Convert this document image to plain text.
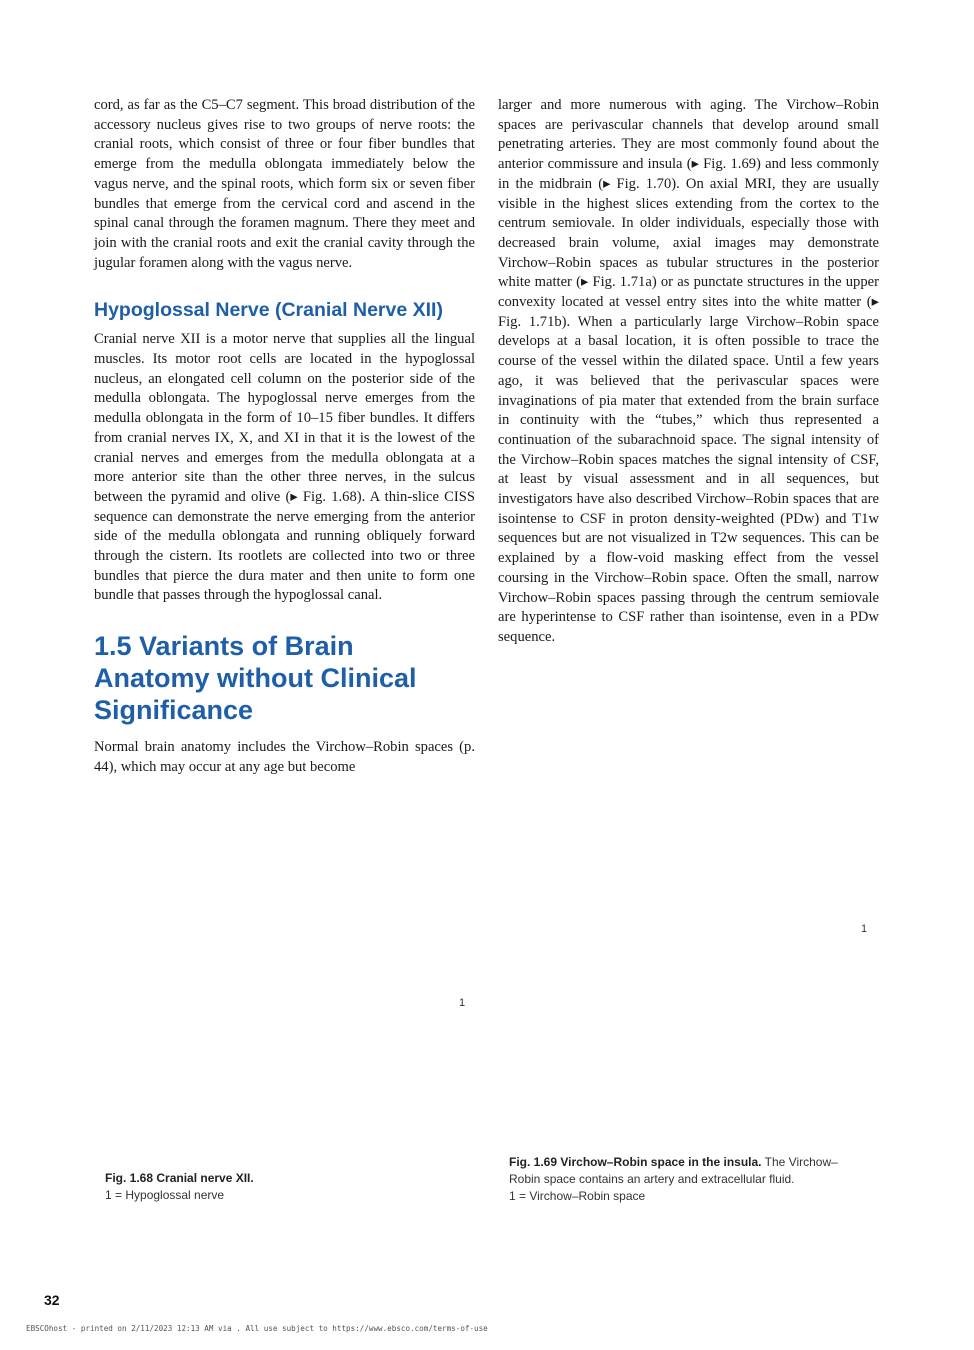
cord, as far as the C5–C7 segment. This broad distribution of the accessory nucleus gives rise to two groups of nerve roots: the cranial roots, which consist of three or four fiber bundles that emerge from the medulla oblongata immediately below the vagus nerve, and the spinal roots, which form six or seven fiber bundles that emerge from the cervical cord and ascend in the spinal canal through the foramen magnum. There they meet and join with the cranial roots and exit the cranial cavity through the jugular foramen along with the vagus nerve.

Hypoglossal Nerve (Cranial Nerve XII)

Cranial nerve XII is a motor nerve that supplies all the lingual muscles. Its motor root cells are located in the hypoglossal nucleus, an elongated cell column on the posterior side of the medulla oblongata. The hypoglossal nerve emerges from the medulla oblongata in the form of 10–15 fiber bundles. It differs from cranial nerves IX, X, and XI in that it is the lowest of the cranial nerves and emerges from the medulla oblongata at a more anterior site than the other three nerves, in the sulcus between the pyramid and olive (▸ Fig. 1.68). A thin-slice CISS sequence can demonstrate the nerve emerging from the anterior side of the medulla oblongata and running obliquely forward through the cistern. Its rootlets are collected into two or three bundles that pierce the dura mater and then unite to form one bundle that passes through the hypoglossal canal.

1.5 Variants of Brain Anatomy without Clinical Significance

Normal brain anatomy includes the Virchow–Robin spaces (p. 44), which may occur at any age but become

larger and more numerous with aging. The Virchow–Robin spaces are perivascular channels that develop around small penetrating arteries. They are most commonly found about the anterior commissure and insula (▸ Fig. 1.69) and less commonly in the midbrain (▸ Fig. 1.70). On axial MRI, they are usually visible in the highest slices extending from the cortex to the centrum semiovale. In older individuals, especially those with decreased brain volume, axial images may demonstrate Virchow–Robin spaces as tubular structures in the posterior white matter (▸ Fig. 1.71a) or as punctate structures in the upper convexity located at vessel entry sites into the white matter (▸ Fig. 1.71b). When a particularly large Virchow–Robin space develops at a basal location, it is often possible to trace the course of the vessel within the dilated space. Until a few years ago, it was believed that the perivascular spaces were invaginations of pia mater that extended from the brain surface in continuity with the “tubes,” which thus represented a continuation of the subarachnoid space. The signal intensity of the Virchow–Robin spaces matches the signal intensity of CSF, at least by visual assessment and in all sequences, but investigators have also described Virchow–Robin spaces that are isointense to CSF in proton density-weighted (PDw) and T1w sequences but are not visualized in T2w sequences. This can be explained by a flow-void masking effect from the vessel coursing in the Virchow–Robin space. Often the small, narrow Virchow–Robin spaces passing through the centrum semiovale are hyperintense to CSF rather than isointense, even in a PDw sequence.

1
1
Fig. 1.68 Cranial nerve XII.
1 = Hypoglossal nerve
Fig. 1.69 Virchow–Robin space in the insula. The Virchow–Robin space contains an artery and extracellular fluid.
1 = Virchow–Robin space
32
EBSCOhost - printed on 2/11/2023 12:13 AM via . All use subject to https://www.ebsco.com/terms-of-use
